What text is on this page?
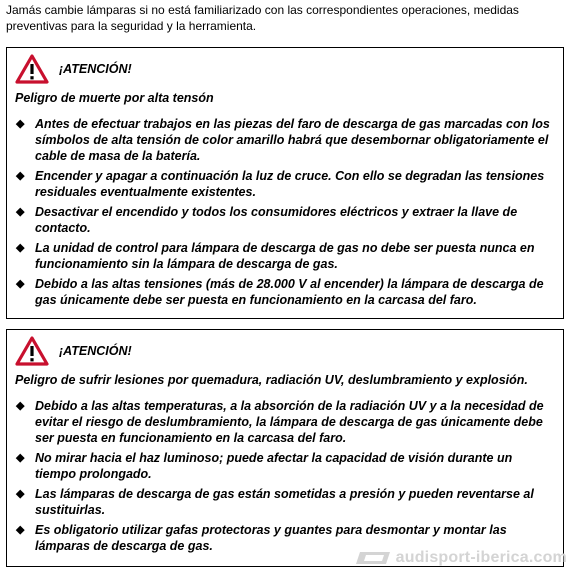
Jamás cambie lámparas si no está familiarizado con las correspondientes operaciones, medidas preventivas para la seguridad y la herramienta.
¡ATENCIÓN!
Peligro de muerte por alta tensón
◆ Antes de efectuar trabajos en las piezas del faro de descarga de gas marcadas con los símbolos de alta tensión de color amarillo habrá que desembornar obligatoriamente el cable de masa de la batería.
◆ Encender y apagar a continuación la luz de cruce. Con ello se degradan las tensiones residuales eventualmente existentes.
◆ Desactivar el encendido y todos los consumidores eléctricos y extraer la llave de contacto.
◆ La unidad de control para lámpara de descarga de gas no debe ser puesta nunca en funcionamiento sin la lámpara de descarga de gas.
◆ Debido a las altas tensiones (más de 28.000 V al encender) la lámpara de descarga de gas únicamente debe ser puesta en funcionamiento en la carcasa del faro.
¡ATENCIÓN!
Peligro de sufrir lesiones por quemadura, radiación UV, deslumbramiento y explosión.
◆ Debido a las altas temperaturas, a la absorción de la radiación UV y a la necesidad de evitar el riesgo de deslumbramiento, la lámpara de descarga de gas únicamente debe ser puesta en funcionamiento en la carcasa del faro.
◆ No mirar hacia el haz luminoso; puede afectar la capacidad de visión durante un tiempo prolongado.
◆ Las lámparas de descarga de gas están sometidas a presión y pueden reventarse al sustituirlas.
◆ Es obligatorio utilizar gafas protectoras y guantes para desmontar y montar las lámparas de descarga de gas.
audisport-iberica.com
